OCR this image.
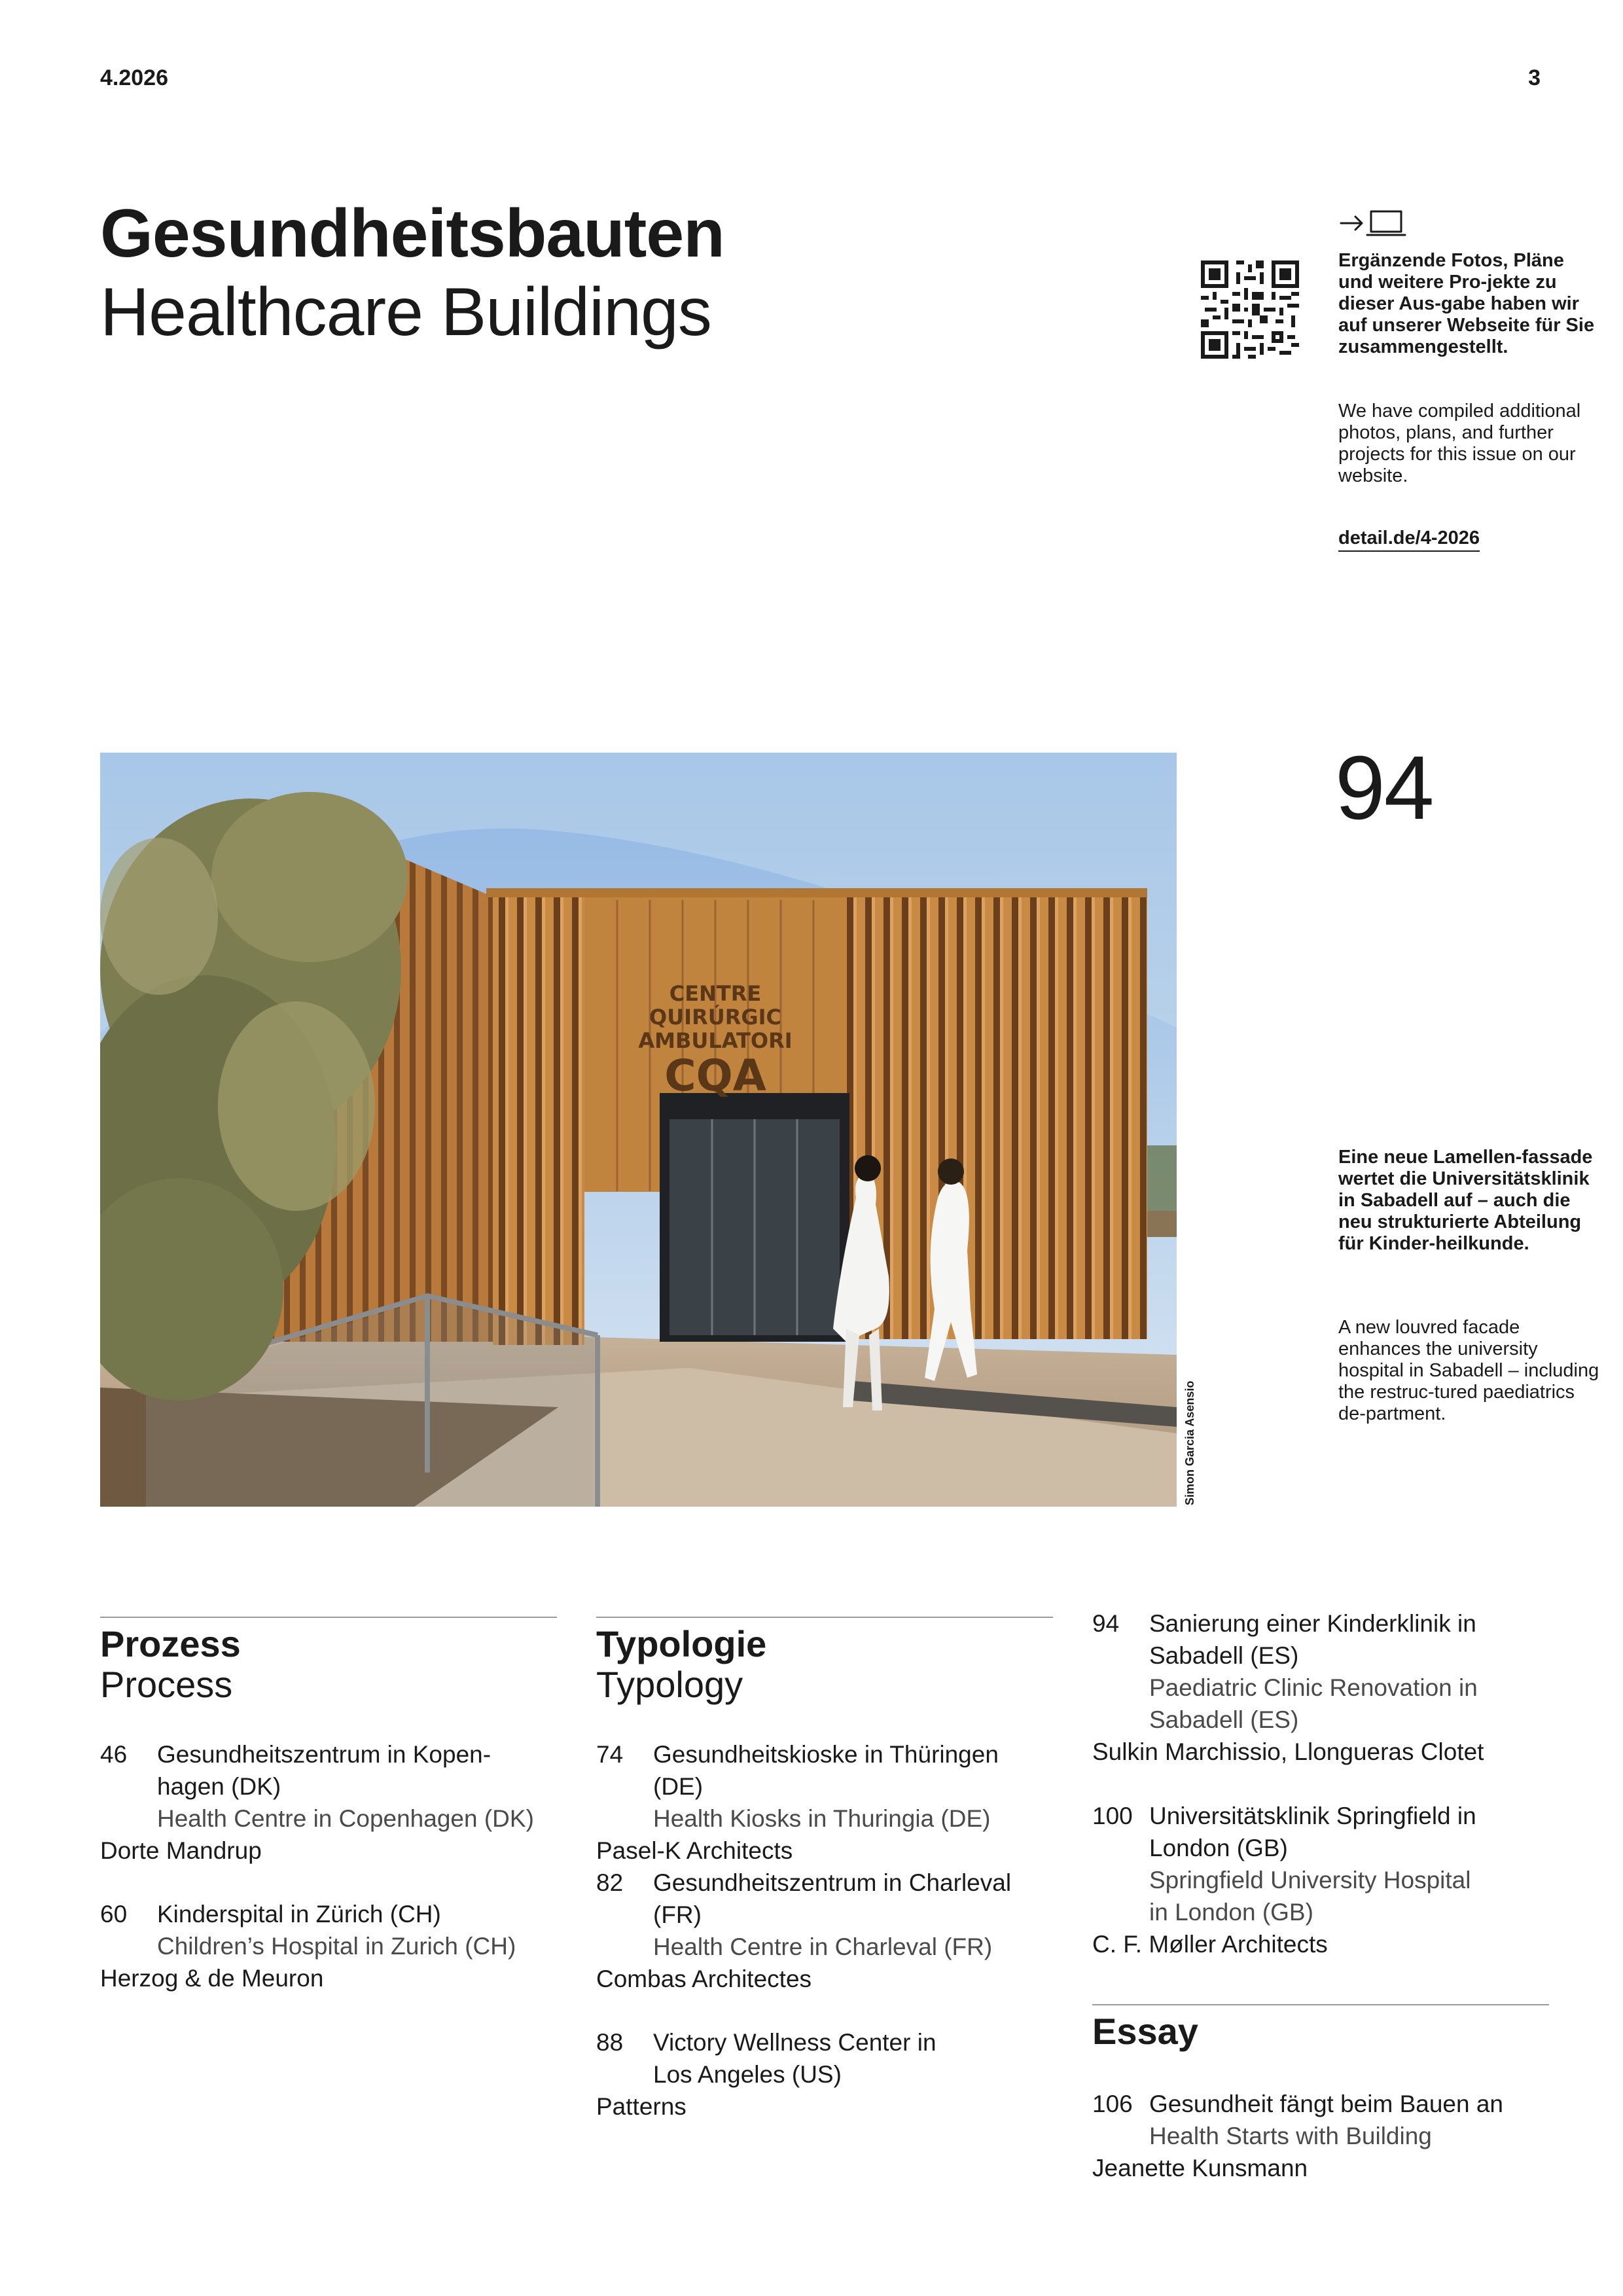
4.2026	3
Gesundheitsbauten
Healthcare Buildings
Ergänzende Fotos, Pläne und weitere Pro-jekte zu dieser Aus-gabe haben wir auf unserer Webseite für Sie zusammengestellt.
We have compiled additional photos, plans, and further projects for this issue on our website.
detail.de/4-2026
CENTRE
QUIRÚRGIC
AMBULATORI
CQA
Simon Garcia Asensio
94
Eine neue Lamellen-fassade wertet die Universitätsklinik in Sabadell auf – auch die neu strukturierte Abteilung für Kinder-heilkunde.
A new louvred facade enhances the university hospital in Sabadell – including the restruc-tured paediatrics de-partment.
Prozess
Process
46	Gesundheitszentrum in Kopen-hagen (DK)
Health Centre in Copenhagen (DK)
Dorte Mandrup
60	Kinderspital in Zürich (CH)
Children’s Hospital in Zurich (CH)
Herzog & de Meuron
Typologie
Typology
74	Gesundheitskioske in Thüringen (DE)
Health Kiosks in Thuringia (DE)
Pasel-K Architects
82	Gesundheitszentrum in Charleval (FR)
Health Centre in Charleval (FR)
Combas Architectes
88	Victory Wellness Center in Los Angeles (US)
Patterns
94	Sanierung einer Kinderklinik in Sabadell (ES)
Paediatric Clinic Renovation in Sabadell (ES)
Sulkin Marchissio, Llongueras Clotet
100 Universitätsklinik Springfield in London (GB)
Springfield University Hospital in London (GB)
C. F. Møller Architects
Essay
106 Gesundheit fängt beim Bauen an
Health Starts with Building
Jeanette Kunsmann
